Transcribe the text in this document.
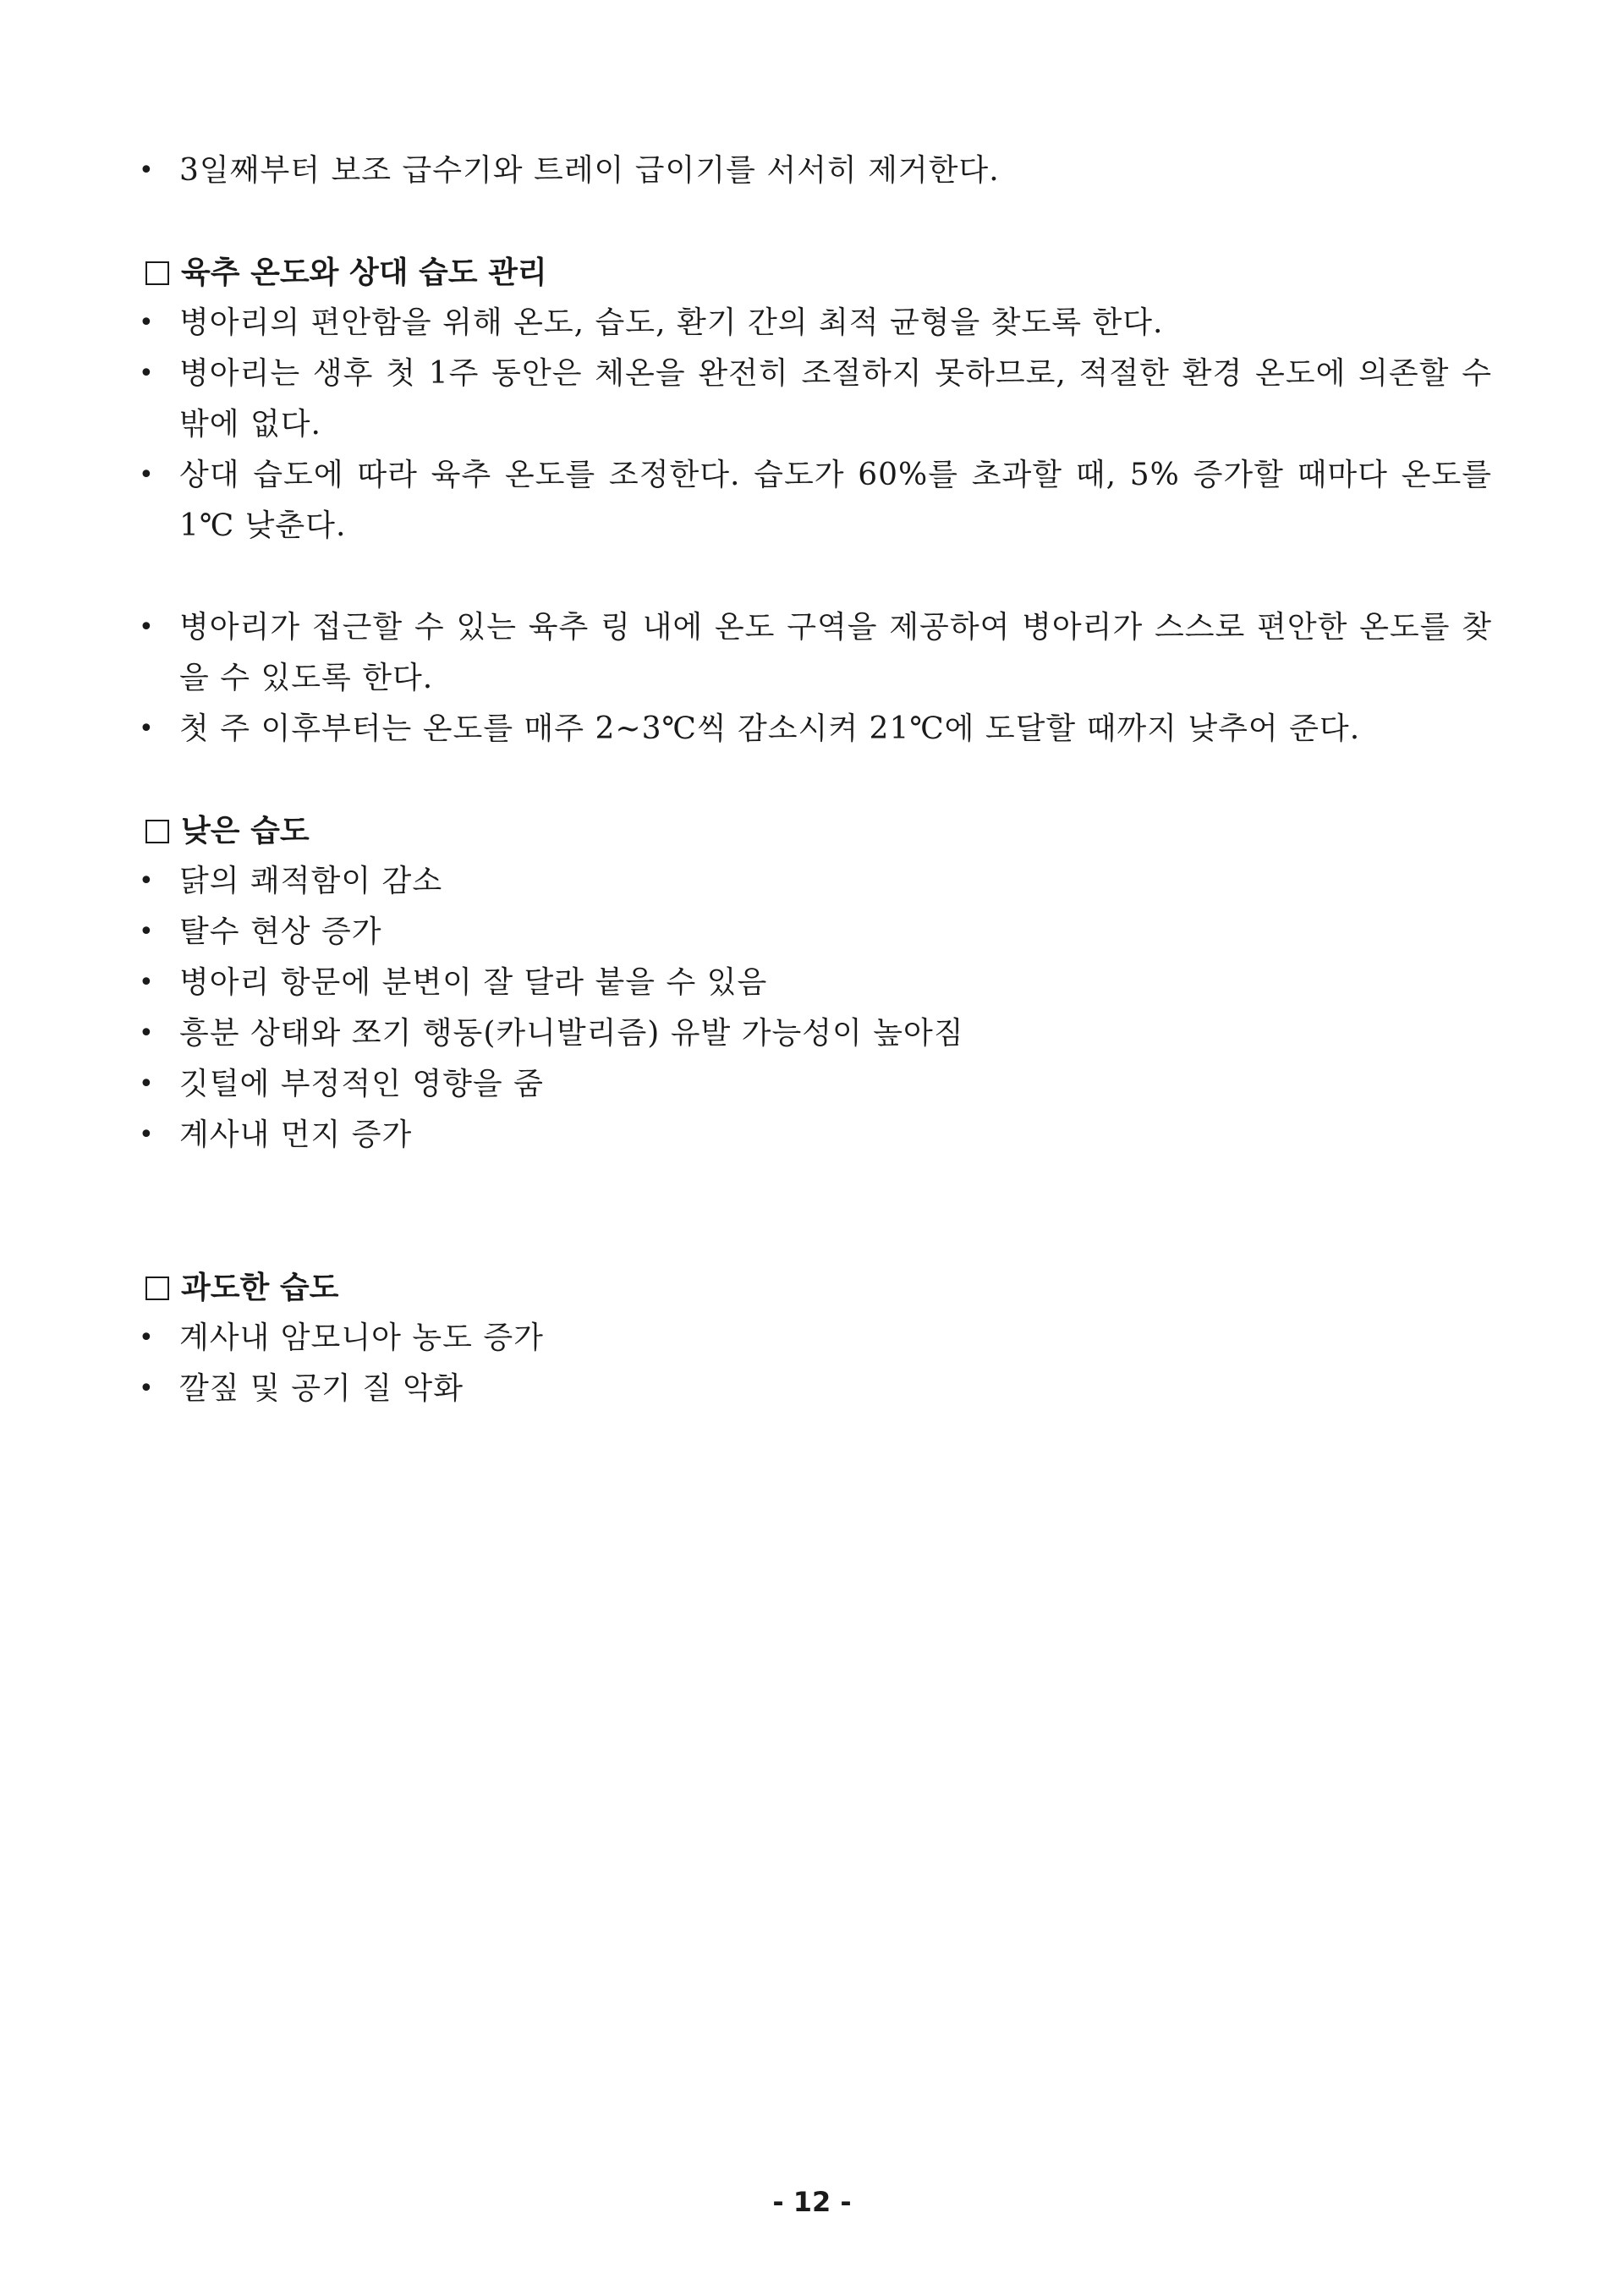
• 3일째부터 보조 급수기와 트레이 급이기를 서서히 제거한다.
육추 온도와 상대 습도 관리
• 병아리의 편안함을 위해 온도, 습도, 환기 간의 최적 균형을 찾도록 한다.
• 병아리는 생후 첫 1주 동안은 체온을 완전히 조절하지 못하므로, 적절한 환경 온도에 의존할 수 밖에 없다.
• 상대 습도에 따라 육추 온도를 조정한다. 습도가 60%를 초과할 때, 5% 증가할 때마다 온도를 1℃ 낮춘다.
• 병아리가 접근할 수 있는 육추 링 내에 온도 구역을 제공하여 병아리가 스스로 편안한 온도를 찾을 수 있도록 한다.
• 첫 주 이후부터는 온도를 매주 2~3℃씩 감소시켜 21℃에 도달할 때까지 낮추어 준다.
낮은 습도
• 닭의 쾌적함이 감소
• 탈수 현상 증가
• 병아리 항문에 분변이 잘 달라 붙을 수 있음
• 흥분 상태와 쪼기 행동(카니발리즘) 유발 가능성이 높아짐
• 깃털에 부정적인 영향을 줌
• 계사내 먼지 증가
과도한 습도
• 계사내 암모니아 농도 증가
• 깔짚 및 공기 질 악화
- 12 -
